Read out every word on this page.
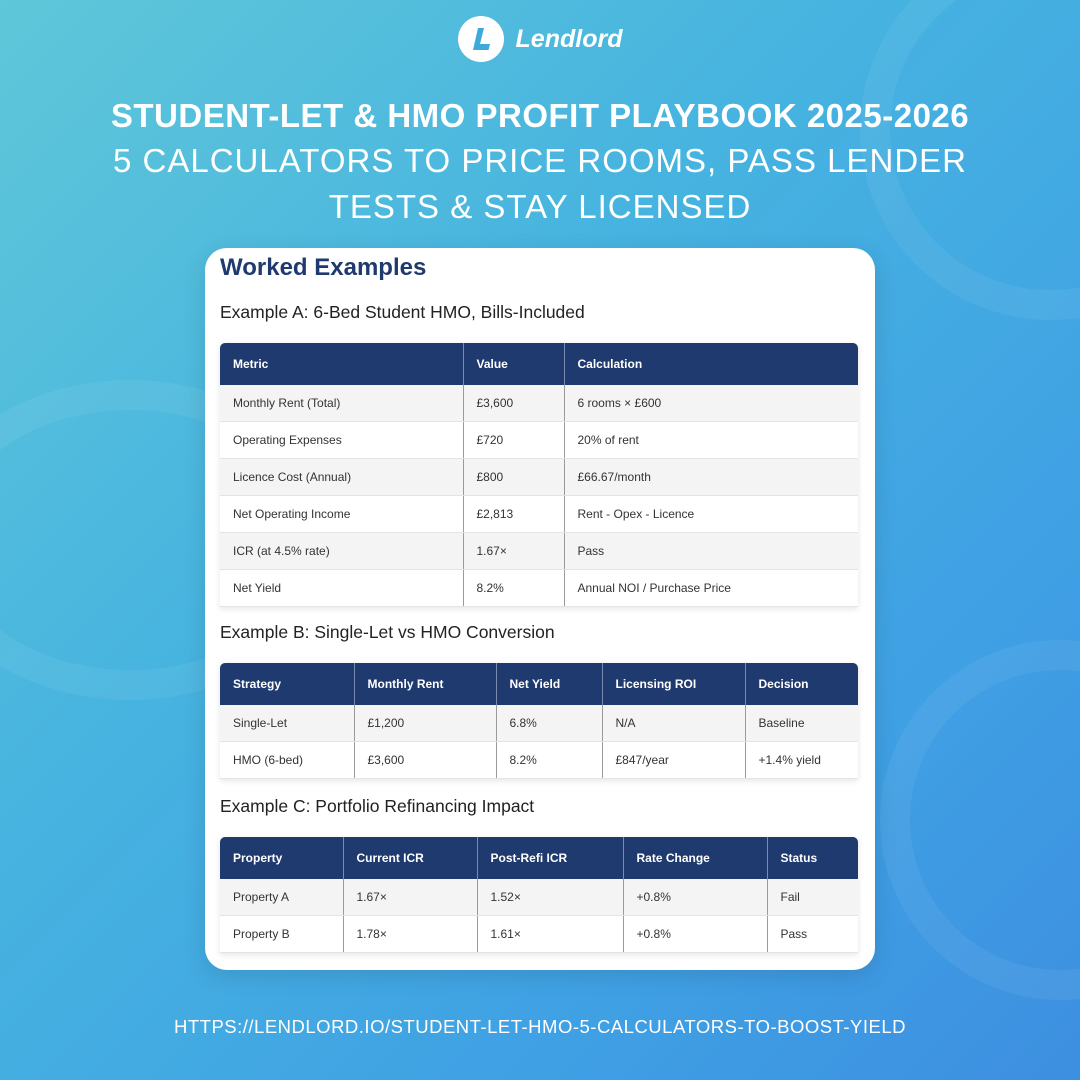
Lendlord
STUDENT-LET & HMO PROFIT PLAYBOOK 2025-2026
5 CALCULATORS TO PRICE ROOMS, PASS LENDER
TESTS & STAY LICENSED
Worked Examples
Example A: 6-Bed Student HMO, Bills-Included
Metric	Value	Calculation
Monthly Rent (Total)	£3,600	6 rooms × £600
Operating Expenses	£720	20% of rent
Licence Cost (Annual)	£800	£66.67/month
Net Operating Income	£2,813	Rent - Opex - Licence
ICR (at 4.5% rate)	1.67×	Pass
Net Yield	8.2%	Annual NOI / Purchase Price
Example B: Single-Let vs HMO Conversion
Strategy	Monthly Rent	Net Yield	Licensing ROI	Decision
Single-Let	£1,200	6.8%	N/A	Baseline
HMO (6-bed)	£3,600	8.2%	£847/year	+1.4% yield
Example C: Portfolio Refinancing Impact
Property	Current ICR	Post-Refi ICR	Rate Change	Status
Property A	1.67×	1.52×	+0.8%	Fail
Property B	1.78×	1.61×	+0.8%	Pass
HTTPS://LENDLORD.IO/STUDENT-LET-HMO-5-CALCULATORS-TO-BOOST-YIELD
